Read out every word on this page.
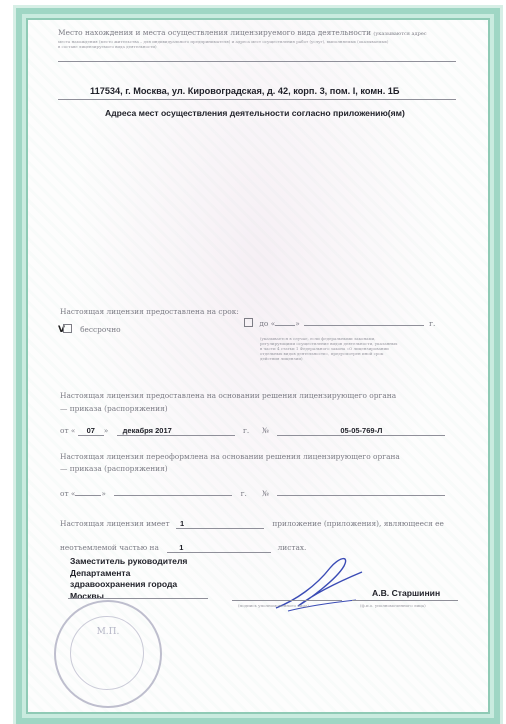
Место нахождения и места осуществления лицензируемого вида деятельности (указываются адрес
места нахождения (место жительства – для индивидуального предпринимателя) и адреса мест осуществления работ (услуг), выполняемых (оказываемых)
в составе лицензируемого вида деятельности)
117534, г. Москва, ул. Кировоградская, д. 42, корп. 3, пом. I, комн. 1Б
Адреса мест осуществления деятельности согласно приложению(ям)
Настоящая лицензия предоставлена на срок:
V бессрочно
до «	»	г.
(указывается в случае, если федеральными законами, регулирующими осуществление видов деятельности, указанных в части 4 статьи 1 Федерального закона «О лицензировании отдельных видов деятельности», предусмотрен иной срок действия лицензии)
Настоящая лицензия предоставлена на основании решения лицензирующего органа
— приказа (распоряжения)
от « 07 » декабря 2017	г. №	05-05-769-Л
Настоящая лицензия переоформлена на основании решения лицензирующего органа
— приказа (распоряжения)
от «	»	г. №
Настоящая лицензия имеет 1	приложение (приложения), являющееся ее
неотъемлемой частью на	1	листах.
Заместитель руководителя
Департамента
здравоохранения города
Москвы
(подпись уполномоченного лица)
А.В. Старшинин
(ф.и.о. уполномоченного лица)
М.П.
